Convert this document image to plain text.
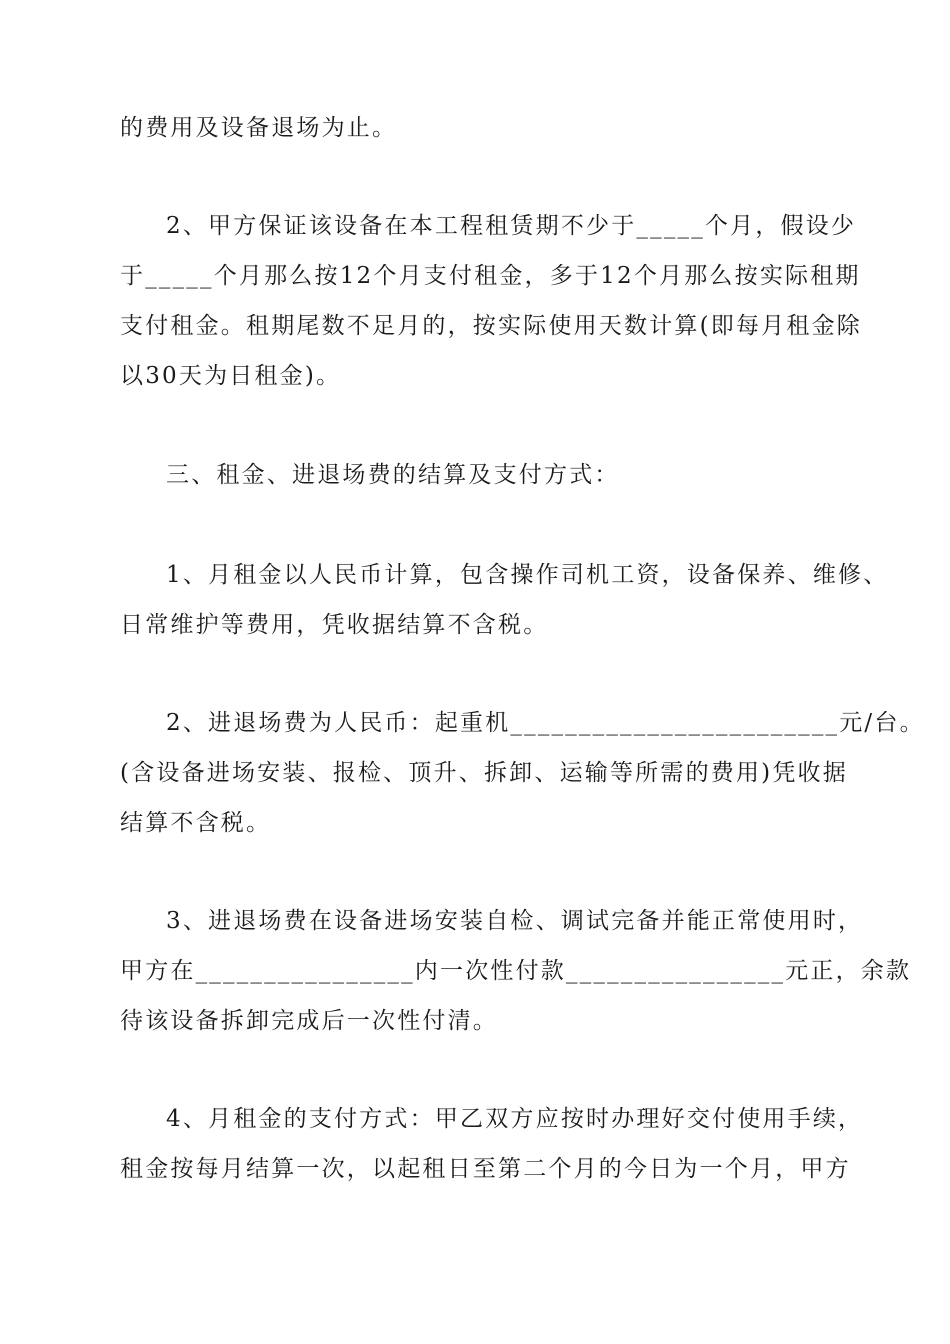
的费用及设备退场为止。
2、甲方保证该设备在本工程租赁期不少于_____个月，假设少
于_____个月那么按12个月支付租金，多于12个月那么按实际租期
支付租金。租期尾数不足月的，按实际使用天数计算(即每月租金除
以30天为日租金)。
三、租金、进退场费的结算及支付方式：
1、月租金以人民币计算，包含操作司机工资，设备保养、维修、
日常维护等费用，凭收据结算不含税。
2、进退场费为人民币：起重机________________________元/台。
(含设备进场安装、报检、顶升、拆卸、运输等所需的费用)凭收据
结算不含税。
3、进退场费在设备进场安装自检、调试完备并能正常使用时，
甲方在________________内一次性付款________________元正，余款
待该设备拆卸完成后一次性付清。
4、月租金的支付方式：甲乙双方应按时办理好交付使用手续，
租金按每月结算一次，以起租日至第二个月的今日为一个月，甲方
